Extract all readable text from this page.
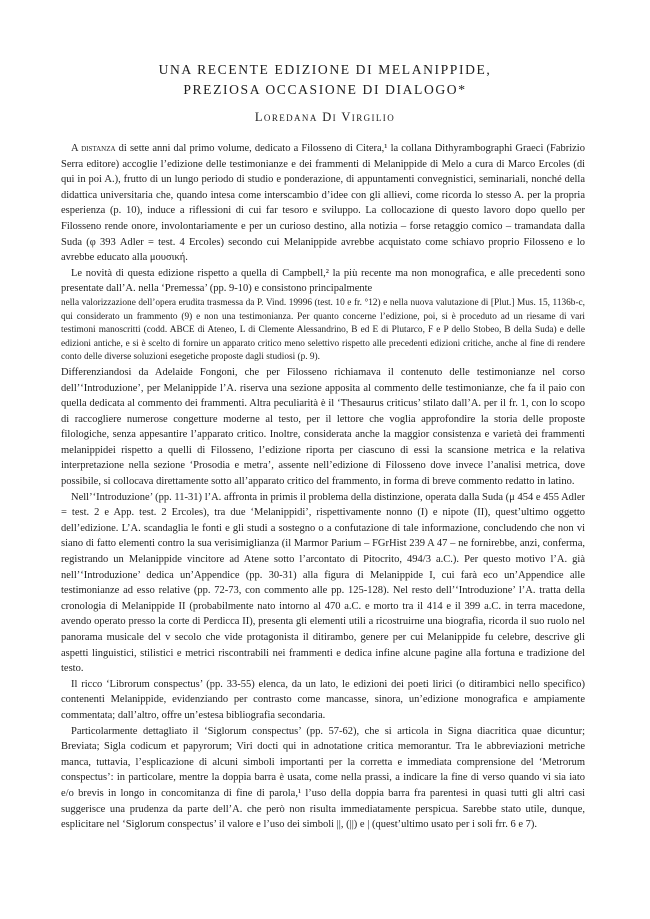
UNA RECENTE EDIZIONE DI MELANIPPIDE,
PREZIOSA OCCASIONE DI DIALOGO*
Loredana Di Virgilio

A distanza di sette anni dal primo volume, dedicato a Filosseno di Citera,¹ la collana Dithyrambographi Graeci (Fabrizio Serra editore) accoglie l’edizione delle testimonianze e dei frammenti di Melanippide di Melo a cura di Marco Ercoles (di qui in poi A.), frutto di un lungo periodo di studio e ponderazione, di appuntamenti convegnistici, seminariali, nonché della didattica universitaria che, quando intesa come interscambio d’idee con gli allievi, come ricorda lo stesso A. per la propria esperienza (p. 10), induce a riflessioni di cui far tesoro e sviluppo. La collocazione di questo lavoro dopo quello per Filosseno rende onore, involontariamente e per un curioso destino, alla notizia – forse retaggio comico – tramandata dalla Suda (φ 393 Adler = test. 4 Ercoles) secondo cui Melanippide avrebbe acquistato come schiavo proprio Filosseno e lo avrebbe educato alla μουσική.

Le novità di questa edizione rispetto a quella di Campbell,² la più recente ma non monografica, e alle precedenti sono presentate dall’A. nella ‘Premessa’ (pp. 9-10) e consistono principalmente

nella valorizzazione dell’opera erudita trasmessa da P. Vind. 19996 (test. 10 e fr. °12) e nella nuova valutazione di [Plut.] Mus. 15, 1136b-c, qui considerato un frammento (9) e non una testimonianza. Per quanto concerne l’edizione, poi, si è proceduto ad un riesame di vari testimoni manoscritti (codd. ABCE di Ateneo, L di Clemente Alessandrino, B ed E di Plutarco, F e P dello Stobeo, B della Suda) e delle edizioni antiche, e si è scelto di fornire un apparato critico meno selettivo rispetto alle precedenti edizioni critiche, anche al fine di rendere conto delle diverse soluzioni esegetiche proposte dagli studiosi (p. 9).

Differenziandosi da Adelaide Fongoni, che per Filosseno richiamava il contenuto delle testimonianze nel corso dell’‘Introduzione’, per Melanippide l’A. riserva una sezione apposita al commento delle testimonianze, che fa il paio con quella dedicata al commento dei frammenti. Altra peculiarità è il ‘Thesaurus criticus’ stilato dall’A. per il fr. 1, con lo scopo di raccogliere numerose congetture moderne al testo, per il lettore che voglia approfondire la storia delle proposte filologiche, senza appesantire l’apparato critico. Inoltre, considerata anche la maggior consistenza e varietà dei frammenti melanippidei rispetto a quelli di Filosseno, l’edizione riporta per ciascuno di essi la scansione metrica e la relativa interpretazione nella sezione ‘Prosodia e metra’, assente nell’edizione di Filosseno dove invece l’analisi metrica, dove possibile, si collocava direttamente sotto all’apparato critico del frammento, in forma di breve commento redatto in latino.

Nell’‘Introduzione’ (pp. 11-31) l’A. affronta in primis il problema della distinzione, operata dalla Suda (μ 454 e 455 Adler = test. 2 e App. test. 2 Ercoles), tra due ‘Melanippidi’, rispettivamente nonno (I) e nipote (II), quest’ultimo oggetto dell’edizione. L’A. scandaglia le fonti e gli studi a sostegno o a confutazione di tale informazione, concludendo che non vi siano di fatto elementi contro la sua verisimiglianza (il Marmor Parium – FGrHist 239 A 47 – ne fornirebbe, anzi, conferma, registrando un Melanippide vincitore ad Atene sotto l’arcontato di Pitocrito, 494/3 a.C.). Per questo motivo l’A. già nell’‘Introduzione’ dedica un’Appendice (pp. 30-31) alla figura di Melanippide I, cui farà eco un’Appendice alle testimonianze ad esso relative (pp. 72-73, con commento alle pp. 125-128). Nel resto dell’‘Introduzione’ l’A. tratta della cronologia di Melanippide II (probabilmente nato intorno al 470 a.C. e morto tra il 414 e il 399 a.C. in terra macedone, avendo operato presso la corte di Perdicca II), presenta gli elementi utili a ricostruirne una biografia, ricorda il suo ruolo nel panorama musicale del v secolo che vide protagonista il ditirambo, genere per cui Melanippide fu celebre, descrive gli aspetti linguistici, stilistici e metrici riscontrabili nei frammenti e dedica infine alcune pagine alla fortuna e tradizione del testo.

Il ricco ‘Librorum conspectus’ (pp. 33-55) elenca, da un lato, le edizioni dei poeti lirici (o ditirambici nello specifico) contenenti Melanippide, evidenziando per contrasto come mancasse, sinora, un’edizione monografica e ampiamente commentata; dall’altro, offre un’estesa bibliografia secondaria.

Particolarmente dettagliato il ‘Siglorum conspectus’ (pp. 57-62), che si articola in Signa diacritica quae dicuntur; Breviata; Sigla codicum et papyrorum; Viri docti qui in adnotatione critica memorantur. Tra le abbreviazioni metriche manca, tuttavia, l’esplicazione di alcuni simboli importanti per la corretta e immediata comprensione del ‘Metrorum conspectus’: in particolare, mentre la doppia barra è usata, come nella prassi, a indicare la fine di verso quando vi sia iato e/o brevis in longo in concomitanza di fine di parola,¹ l’uso della doppia barra fra parentesi in quasi tutti gli altri casi suggerisce una prudenza da parte dell’A. che però non risulta immediatamente perspicua. Sarebbe stato utile, dunque, esplicitare nel ‘Siglorum conspectus’ il valore e l’uso dei simboli ||, (||) e | (quest’ultimo usato per i soli frr. 6 e 7).
